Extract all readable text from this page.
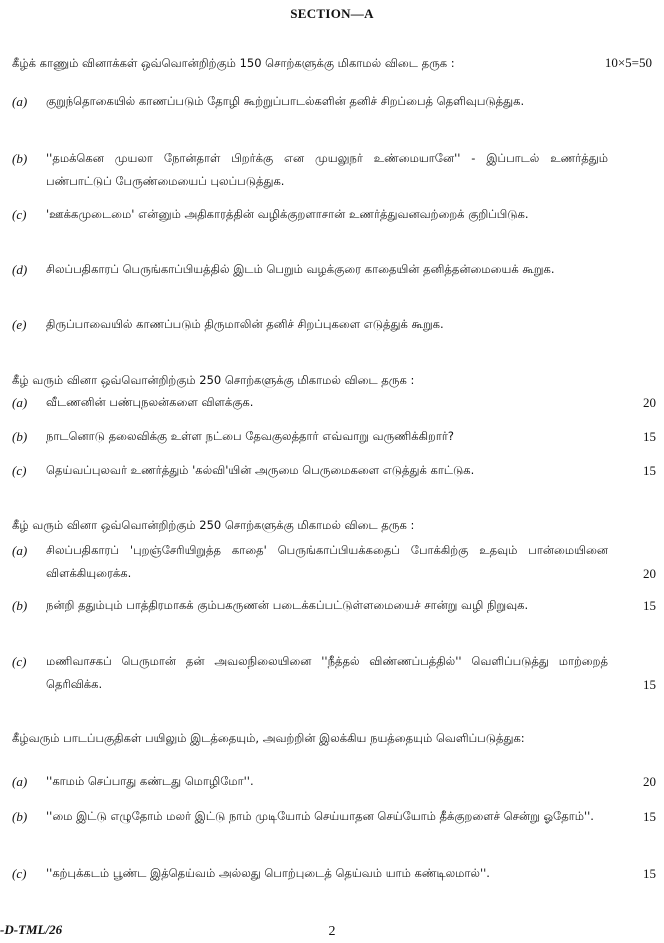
SECTION—A
கீழ்க் காணும் வினாக்கள் ஒவ்வொன்றிற்கும் 150 சொற்களுக்கு மிகாமல் விடை தருக :	10×5=50
(a) குறுந்தொகையில் காணப்படும் தோழி கூற்றுப்பாடல்களின் தனிச் சிறப்பைத் தெளிவுபடுத்துக.
(b) ''தமக்கென முயலா நோன்தாள் பிறர்க்கு என முயலுநர் உண்மையானே'' - இப்பாடல் உணர்த்தும் பண்பாட்டுப் பேருண்மையைப் புலப்படுத்துக.
(c) 'ஊக்கமுடைமை' என்னும் அதிகாரத்தின் வழிக்குறளாசான் உணர்த்துவனவற்றைக் குறிப்பிடுக.
(d) சிலப்பதிகாரப் பெருங்காப்பியத்தில் இடம் பெறும் வழக்குரை காதையின் தனித்தன்மையைக் கூறுக.
(e) திருப்பாவையில் காணப்படும் திருமாலின் தனிச் சிறப்புகளை எடுத்துக் கூறுக.
கீழ் வரும் வினா ஒவ்வொன்றிற்கும் 250 சொற்களுக்கு மிகாமல் விடை தருக :
(a) வீடணனின் பண்புநலன்களை விளக்குக.	20
(b) நாடனொடு தலைவிக்கு உள்ள நட்பை தேவகுலத்தார் எவ்வாறு வருணிக்கிறார்?	15
(c) தெய்வப்புலவர் உணர்த்தும் 'கல்வி'யின் அருமை பெருமைகளை எடுத்துக் காட்டுக.	15
கீழ் வரும் வினா ஒவ்வொன்றிற்கும் 250 சொற்களுக்கு மிகாமல் விடை தருக :
(a) சிலப்பதிகாரப் 'புறஞ்சேரியிறுத்த காதை' பெருங்காப்பியக்கதைப் போக்கிற்கு உதவும் பான்மையினை விளக்கியுரைக்க.	20
(b) நன்றி ததும்பும் பாத்திரமாகக் கும்பகருணன் படைக்கப்பட்டுள்ளமையைச் சான்று வழி நிறுவுக.	15
(c) மணிவாசகப் பெருமான் தன் அவலநிலையினை ''நீத்தல் விண்ணப்பத்தில்'' வெளிப்படுத்து மாற்றைத் தெரிவிக்க.	15
கீழ்வரும் பாடப்பகுதிகள் பயிலும் இடத்தையும், அவற்றின் இலக்கிய நயத்தையும் வெளிப்படுத்துக:
(a) ''காமம் செப்பாது கண்டது மொழிமோ''.	20
(b) ''மை இட்டு எழுதோம் மலர் இட்டு நாம் முடியோம் செய்யாதன செய்யோம் தீக்குறளைச் சென்று ஓதோம்''.	15
(c) ''கற்புக்கடம் பூண்ட இத்தெய்வம் அல்லது பொற்புடைத் தெய்வம் யாம் கண்டிலமால்''.	15
-D-TML/26	2
